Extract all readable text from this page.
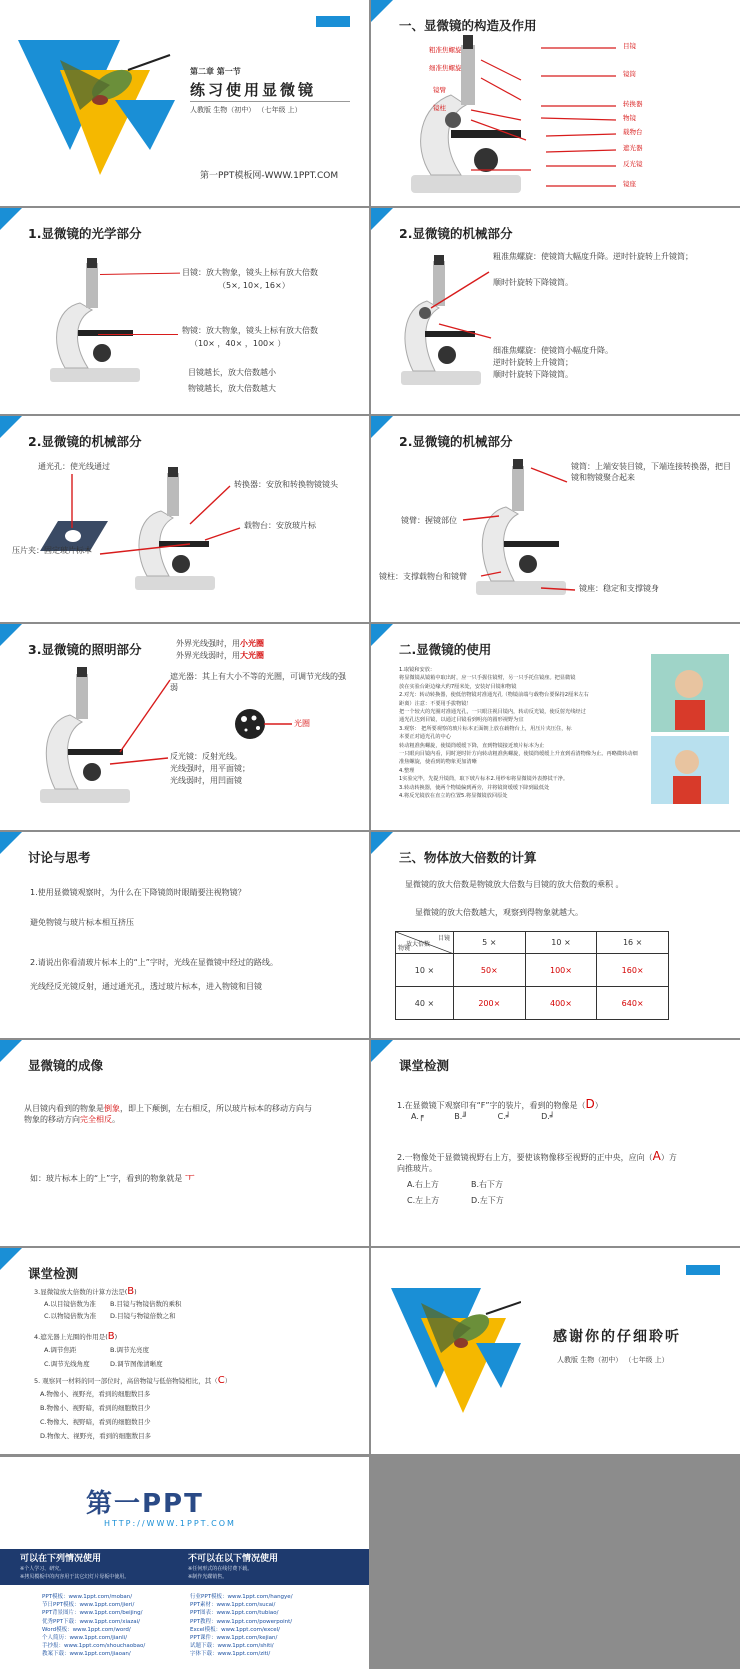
第二章 第一节
练习使用显微镜
人教版 生物（初中） （七年级 上）
第一PPT模板网-WWW.1PPT.COM
一、显微镜的构造及作用
粗准焦螺旋
细准焦螺旋
镜臂
镜柱
目镜
镜筒
转换器
物镜
载物台
遮光器
反光镜
镜座
1.显微镜的光学部分
目镜：放大物象，镜头上标有放大倍数
（5×, 10×, 16×）
物镜：放大物象，镜头上标有放大倍数
（10× ，40× ，100× ）
目镜越长，放大倍数越小
物镜越长，放大倍数越大
2.显微镜的机械部分
粗准焦螺旋：使镜筒大幅度升降。逆时针旋转上升镜筒；
顺时针旋转下降镜筒。
细准焦螺旋：使镜筒小幅度升降。
逆时针旋转上升镜筒；
顺时针旋转下降镜筒。
2.显微镜的机械部分
通光孔：使光线通过
压片夹：固定玻片标本
转换器：安放和转换物镜镜头
载物台：安放玻片标
2.显微镜的机械部分
镜筒：上端安装目镜，下端连接转换器，把目镜和物镜聚合起来
镜臂：握镜部位
镜柱：支撑载物台和镜臂
镜座：稳定和支撑镜身
3.显微镜的照明部分	外界光线强时，用小光圈
外界光线弱时，用大光圈
遮光器：其上有大小不等的光圈，可调节光线的强弱
光圈
反光镜：反射光线。
光线强时，用平面镜；
光线弱时，用凹面镜
二.显微镜的使用
1.取镜和安放：
将显微镜从镜箱中取出时，应一只手握住镜臂，另一只手托住镜座。把显微镜
放在实验台距边缘大约7厘米处，安装好目镜和物镜
2.对光：转动转换器，使低倍物镜对准通光孔（物镜前端与载物台要保持2厘米左右
距离）注意：不要用手拔物镜！
把一个较大的光圈对准通光孔，一只眼注视目镜内，转动反光镜，使反射光线经过
通光孔达到目镜，以通过目镜看到明亮的圆形视野为宜
3.观察： 把所要观察的玻片标本正面朝上放在载物台上，用压片夹压住，标
本要正对通光孔的中心
转动粗准焦螺旋，使镜筒缓缓下降，直到物镜接近玻片标本为止
一只眼向目镜内看，同时逆时针方向转动粗准焦螺旋，使镜筒缓缓上升直到看清物像为止。再略微转动细
准焦螺旋，使看到的物象更加清晰
4.整理
1实验完毕，先提升镜筒，取下玻片标本2.用纱布将显微镜外表擦拭干净。
3.转动转换器，使两个物镜偏到两旁，并将镜筒缓缓下降到最低处
4.将反光镜放在直立的位置5.将显微镜放回原处
讨论与思考
1.使用显微镜观察时，为什么在下降镜筒时眼睛要注视物镜？
避免物镜与玻片标本相互挤压
2.请说出你看清玻片标本上的“上”字时，光线在显微镜中经过的路线。
光线经反光镜反射，通过通光孔，透过玻片标本，进入物镜和目镜
三、物体放大倍数的计算
显微镜的放大倍数是物镜放大倍数与目镜的放大倍数的乘积 。
显微镜的放大倍数越大，观察到得物象就越大。
目镜
放大倍数
物镜	5 ×	10 ×	16 ×
10 ×	50×	100×	160×
40 ×	200×	400×	640×
显微镜的成像
从目镜内看到的物象是倒象，即上下颠倒，左右相反，所以玻片标本的移动方向与
物象的移动方向完全相反。
如：玻片标本上的“上”字，看到的物象就是 ㅜ
课堂检测
1.在显微镜下观察印有“F”字的装片，看到的物像是（D）
A.╒	B.╜	C.╛	D.╛
2.一物像处于显微镜视野右上方，要使该物像移至视野的正中央，应向（A）方
向推玻片。
A.右上方	B.右下方
C.左上方	D.左下方
课堂检测
3.显微镜放大倍数的计算方法是(B)
A.以目镜倍数为准 B.目镜与物镜倍数的乘积
C.以物镜倍数为准 D.目镜与物镜倍数之和
4.遮光器上光圈的作用是(B)
A.调节焦距	B.调节光亮度
C.调节光线角度	D.调节图像清晰度
5. 观察同一材料的同一部位时，高倍物镜与低倍物镜相比，其（C）
A.物像小、视野亮，看到的细胞数目多
B.物像小、视野暗，看到的细胞数目少
C.物像大、视野暗，看到的细胞数目少
D.物像大、视野亮，看到的细胞数目多
感谢你的仔细聆听
人教版 生物（初中） （七年级 上）
第一PPT
HTTP://WWW.1PPT.COM
可以在下列情况使用
※个人学习、研究。
※拷贝模板中的内容用于其它幻灯片母板中使用。
不可以在以下情况使用
※任何形式的在线付费下载。
※制作光碟销售。
PPT模板：www.1ppt.com/moban/
节日PPT模板：www.1ppt.com/jieri/
PPT背景图片：www.1ppt.com/beijing/
优秀PPT下载：www.1ppt.com/xiazai/
Word模板：www.1ppt.com/word/
个人简历：www.1ppt.com/jianli/
手抄报：www.1ppt.com/shouchaobao/
教案下载：www.1ppt.com/jiaoan/
行业PPT模板：www.1ppt.com/hangye/
PPT素材：www.1ppt.com/sucai/
PPT图表：www.1ppt.com/tubiao/
PPT教程：www.1ppt.com/powerpoint/
Excel模板：www.1ppt.com/excel/
PPT课件：www.1ppt.com/kejian/
试题下载：www.1ppt.com/shiti/
字体下载：www.1ppt.com/ziti/
